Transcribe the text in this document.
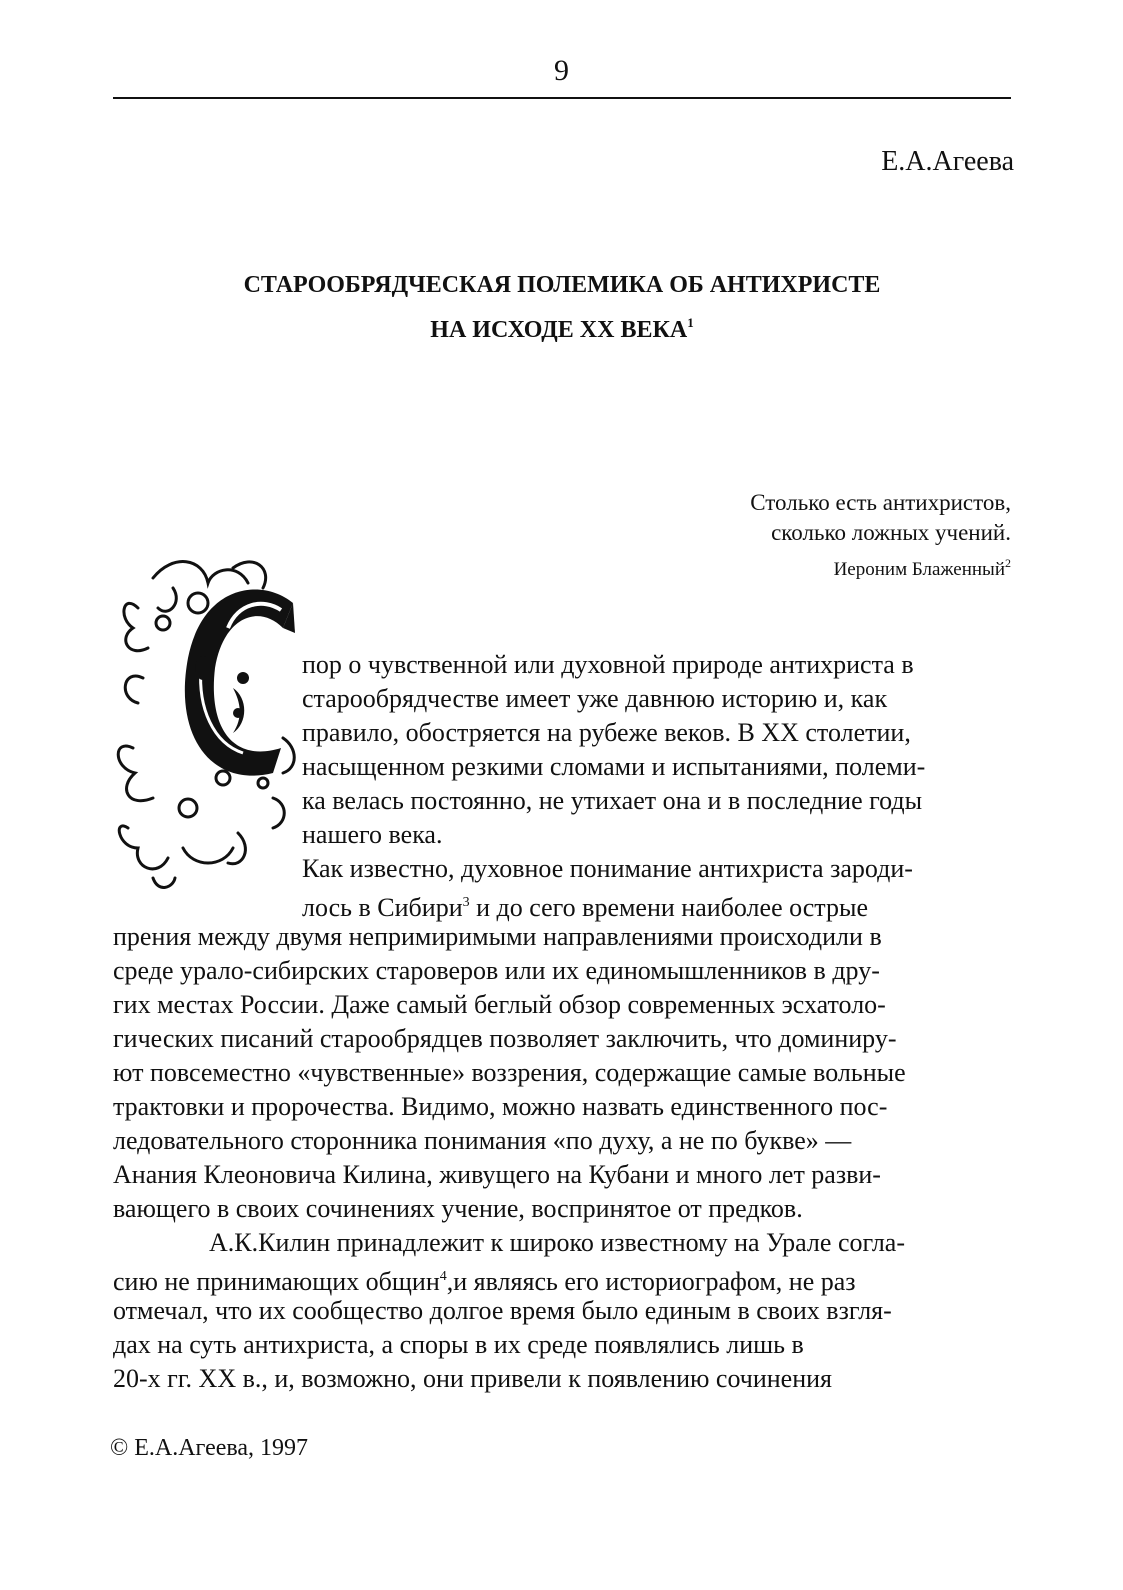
9
Е.А.Агеева
СТАРООБРЯДЧЕСКАЯ ПОЛЕМИКА ОБ АНТИХРИСТЕ
НА ИСХОДЕ ХХ ВЕКА$^1$
Столько есть антихристов,
сколько ложных учений.
Иероним Блаженный$^2$
пор о чувственной или духовной природе антихриста в
старообрядчестве имеет уже давнюю историю и, как
правило, обостряется на рубеже веков. В XX столетии,
насыщенном резкими сломами и испытаниями, полеми-
ка велась постоянно, не утихает она и в последние годы
нашего века.
Как известно, духовное понимание антихриста зароди-
лось в Сибири$^3$ и до сего времени наиболее острые
прения между двумя непримиримыми направлениями происходили в
среде урало-сибирских староверов или их единомышленников в дру-
гих местах России. Даже самый беглый обзор современных эсхатоло-
гических писаний старообрядцев позволяет заключить, что доминиру-
ют повсеместно «чувственные» воззрения, содержащие самые вольные
трактовки и пророчества. Видимо, можно назвать единственного пос-
ледовательного сторонника понимания «по духу, а не по букве» —
Анания Клеоновича Килина, живущего на Кубани и много лет разви-
вающего в своих сочинениях учение, воспринятое от предков.
А.К.Килин принадлежит к широко известному на Урале согла-
сию не принимающих общин$^4$,и являясь его историографом, не раз
отмечал, что их сообщество долгое время было единым в своих взгля-
дах на суть антихриста, а споры в их среде появлялись лишь в
20-х гг. XX в., и, возможно, они привели к появлению сочинения
© Е.А.Агеева, 1997
